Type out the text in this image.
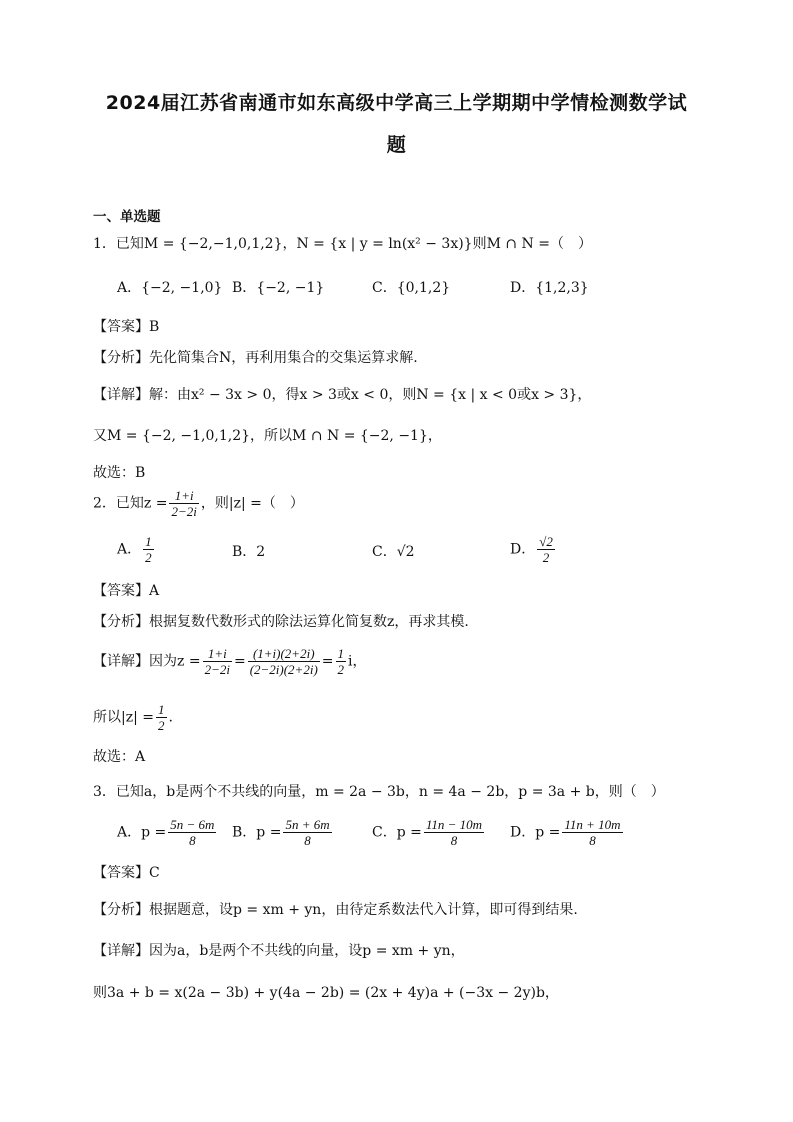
2024届江苏省南通市如东高级中学高三上学期期中学情检测数学试
题
一、单选题
1．已知M = {−2,−1,0,1,2}，N = {x | y = ln(x² − 3x)}则M ∩ N =（　）
A．{−2, −1,0} B．{−2, −1}	C．{0,1,2}	D．{1,2,3}
【答案】B
【分析】先化简集合N，再利用集合的交集运算求解.
【详解】解：由x² − 3x > 0，得x > 3或x < 0，则N = {x | x < 0或x > 3}，
又M = {−2, −1,0,1,2}，所以M ∩ N = {−2, −1}，
故选：B
2．已知$z = \frac{1+i}{2-2i}$ ，则|z| =（　）
A． $\frac{1}{2}$	B．2	C．√2	D． $\frac{√2}{2}$
【答案】A
【分析】根据复数代数形式的除法运算化简复数z，再求其模.
【详解】因为$z = \frac{1+i}{2-2i} = \frac{(1+i)(2+2i)}{(2-2i)(2+2i)} = \frac{1}{2}$ i，
所以$|z| = \frac{1}{2}$ .
故选：A
3．已知a，b是两个不共线的向量，m = 2a − 3b，n = 4a − 2b，p = 3a + b，则（　）
A．$p = \frac{5n - 6m}{8}$ B．$p = \frac{5n + 6m}{8}$	C．$p = \frac{11n - 10m}{8}$ D．$p = \frac{11n + 10m}{8}$
【答案】C
【分析】根据题意，设p = xm + yn，由待定系数法代入计算，即可得到结果.
【详解】因为a，b是两个不共线的向量，设p = xm + yn，
则3a + b = x(2a − 3b) + y(4a − 2b) = (2x + 4y)a + (−3x − 2y)b，
